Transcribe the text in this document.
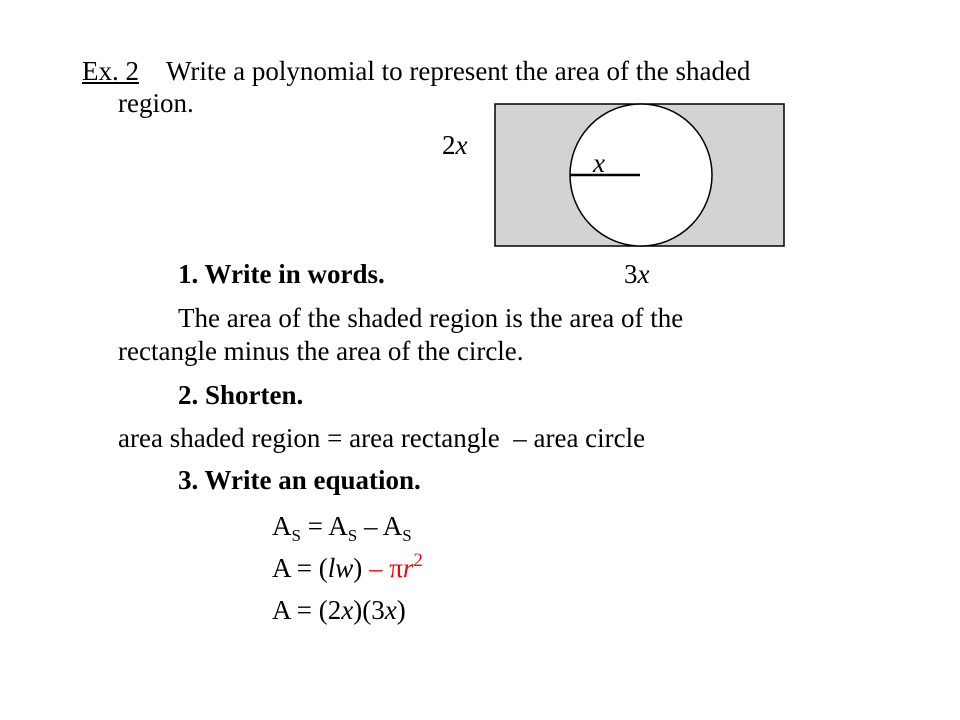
Ex. 2 Write a polynomial to represent the area of the shaded
region.
2x
x
1. Write in words.	3x
The area of the shaded region is the area of the
rectangle minus the area of the circle.
2. Shorten.
area shaded region = area rectangle  – area circle
3. Write an equation.
$A_S = A_S - A_S$
$A = (lw) - \pi r^2$
A = (2x)(3x)
